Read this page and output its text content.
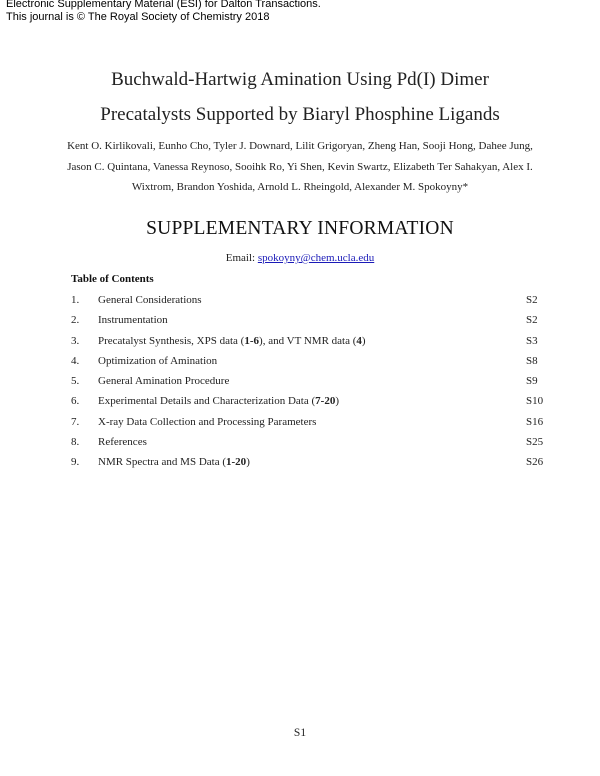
Electronic Supplementary Material (ESI) for Dalton Transactions.
This journal is © The Royal Society of Chemistry 2018
Buchwald-Hartwig Amination Using Pd(I) Dimer
Precatalysts Supported by Biaryl Phosphine Ligands
Kent O. Kirlikovali, Eunho Cho, Tyler J. Downard, Lilit Grigoryan, Zheng Han, Sooji Hong, Dahee Jung, Jason C. Quintana, Vanessa Reynoso, Sooihk Ro, Yi Shen, Kevin Swartz, Elizabeth Ter Sahakyan, Alex I. Wixtrom, Brandon Yoshida, Arnold L. Rheingold, Alexander M. Spokoyny*
SUPPLEMENTARY INFORMATION
Email: spokoyny@chem.ucla.edu
Table of Contents
1. General Considerations	S2
2. Instrumentation	S2
3. Precatalyst Synthesis, XPS data (1-6), and VT NMR data (4)	S3
4. Optimization of Amination	S8
5. General Amination Procedure	S9
6. Experimental Details and Characterization Data (7-20)	S10
7. X-ray Data Collection and Processing Parameters	S16
8. References	S25
9. NMR Spectra and MS Data (1-20)	S26
S1
